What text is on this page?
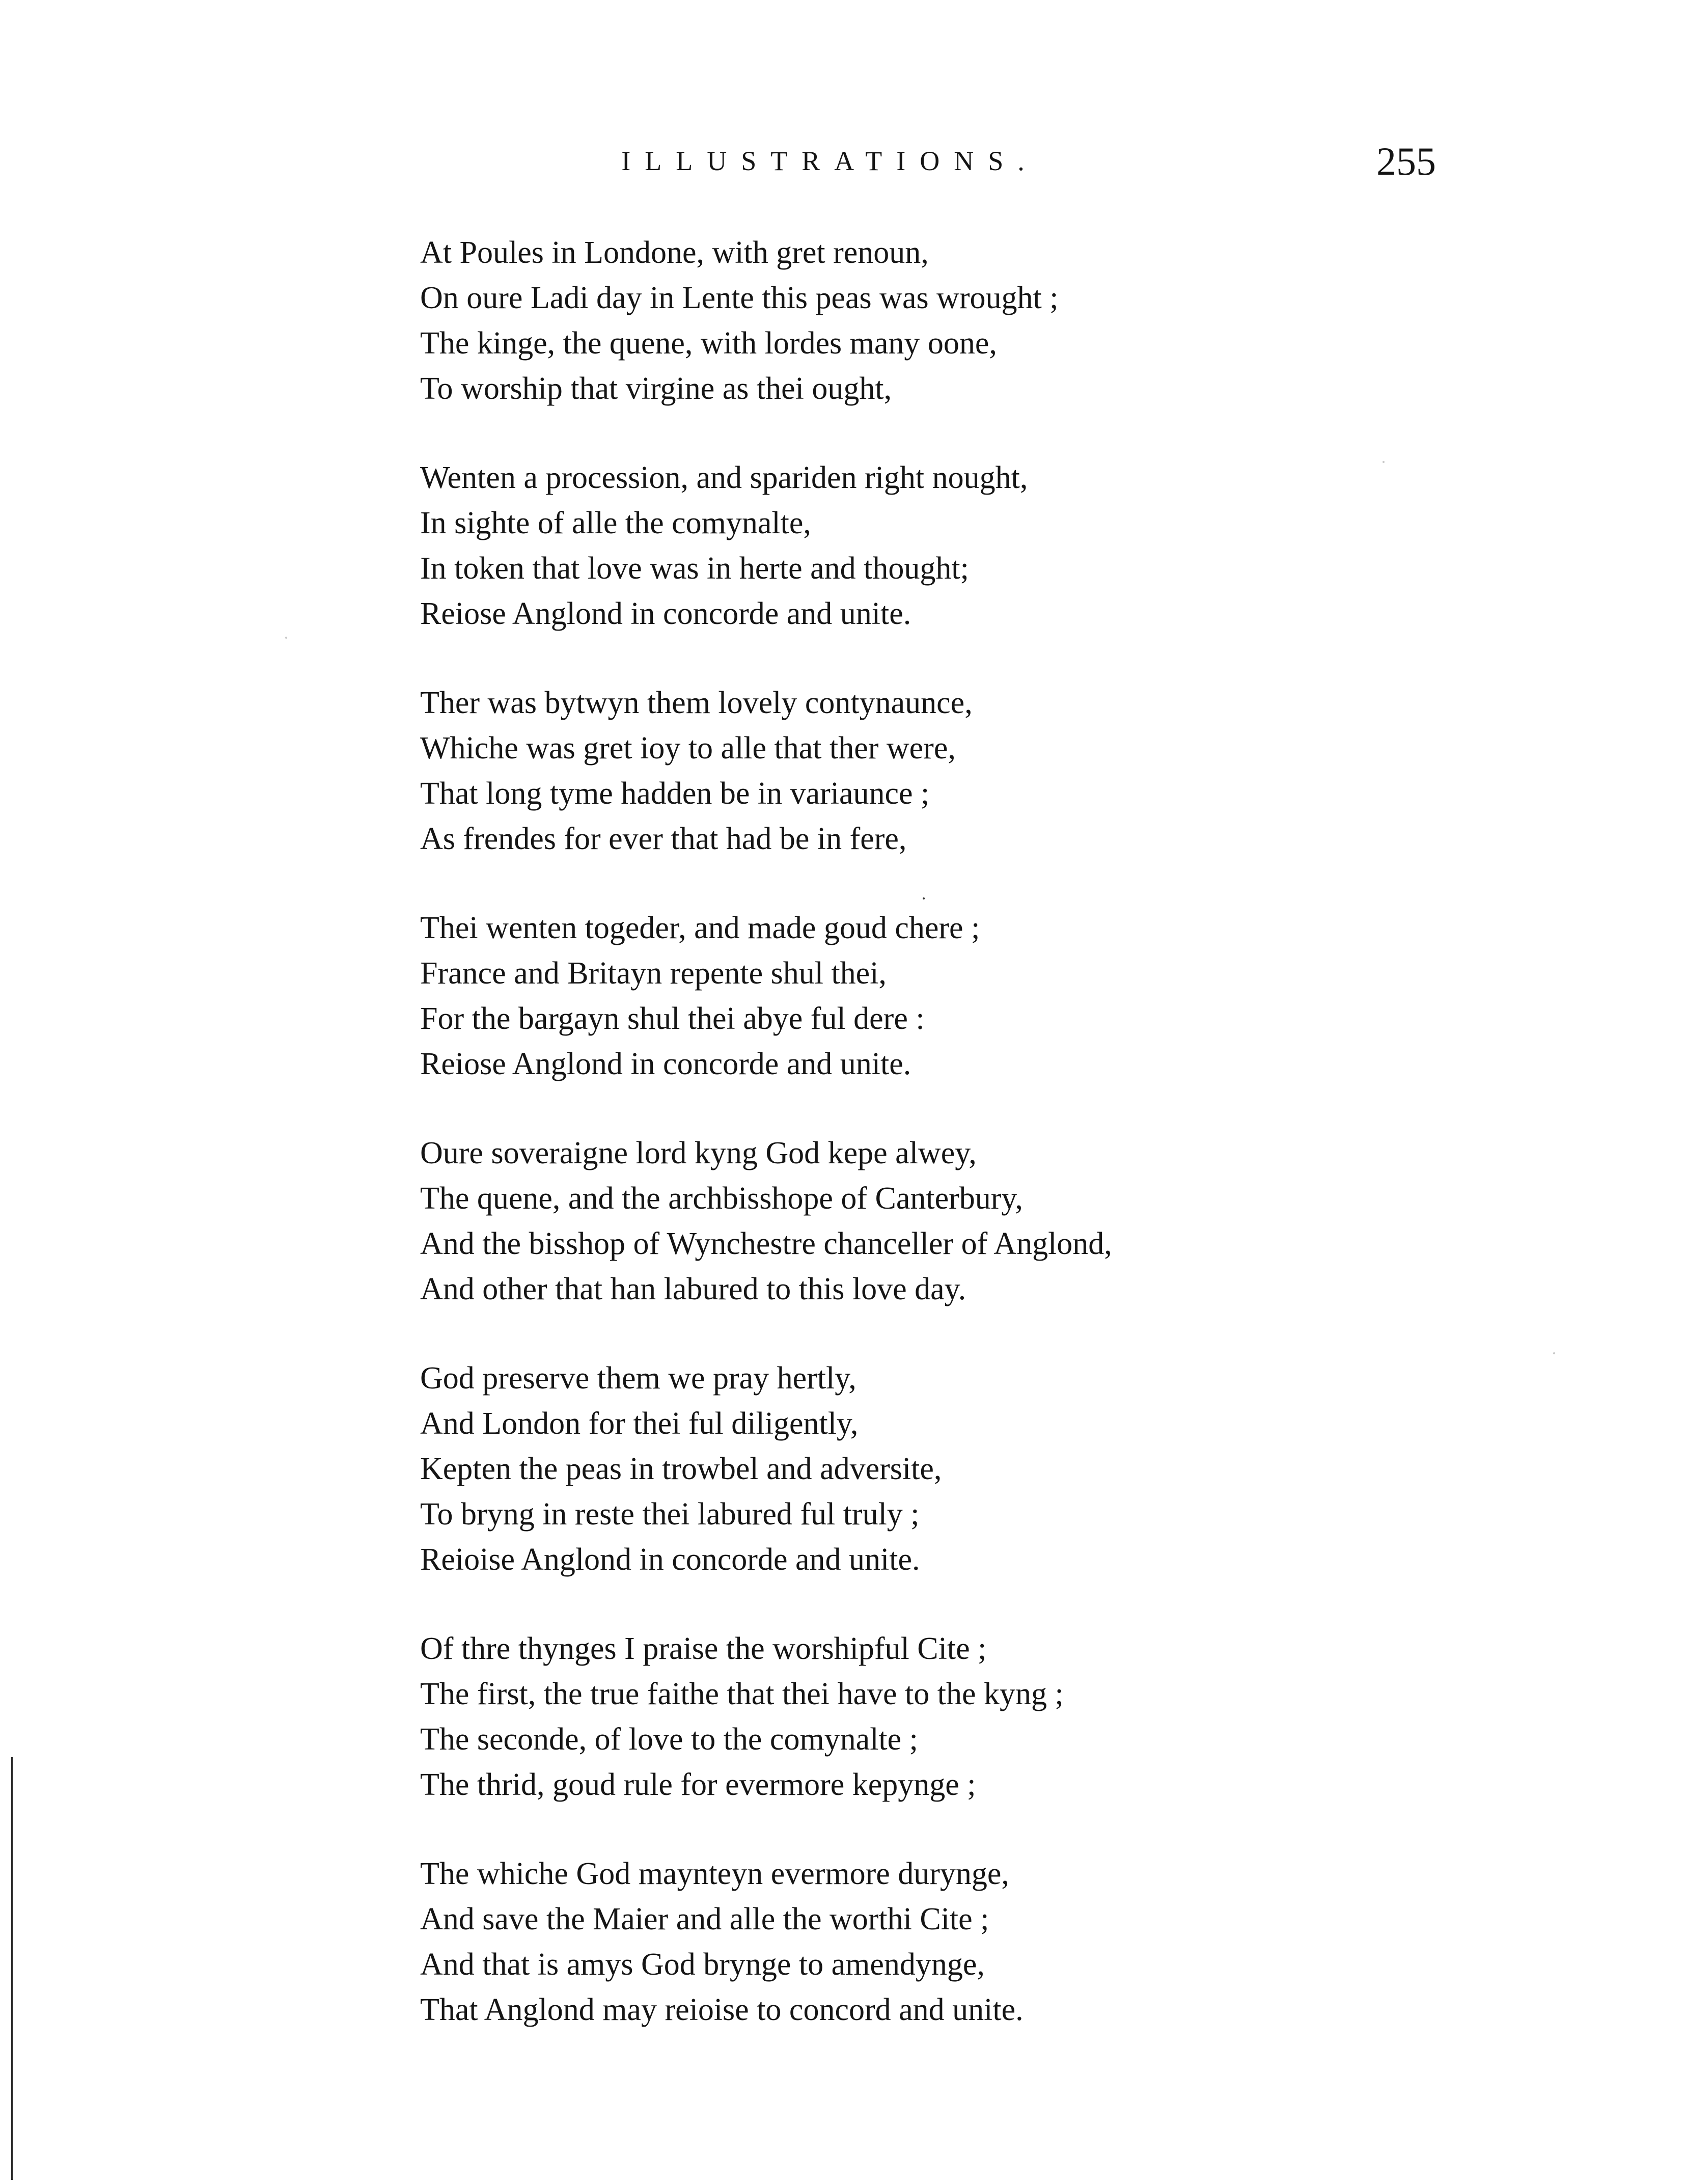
ILLUSTRATIONS.	255
At Poules in Londone, with gret renoun,
On oure Ladi day in Lente this peas was wrought ;
The kinge, the quene, with lordes many oone,
To worship that virgine as thei ought,
Wenten a procession, and spariden right nought,
In sighte of alle the comynalte,
In token that love was in herte and thought;
Reiose Anglond in concorde and unite.
Ther was bytwyn them lovely contynaunce,
Whiche was gret ioy to alle that ther were,
That long tyme hadden be in variaunce ;
As frendes for ever that had be in fere,
Thei wenten togeder, and made goud chere ;
France and Britayn repente shul thei,
For the bargayn shul thei abye ful dere :
Reiose Anglond in concorde and unite.
Oure soveraigne lord kyng God kepe alwey,
The quene, and the archbisshope of Canterbury,
And the bisshop of Wynchestre chanceller of Anglond,
And other that han labured to this love day.
God preserve them we pray hertly,
And London for thei ful diligently,
Kepten the peas in trowbel and adversite,
To bryng in reste thei labured ful truly ;
Reioise Anglond in concorde and unite.
Of thre thynges I praise the worshipful Cite ;
The first, the true faithe that thei have to the kyng ;
The seconde, of love to the comynalte ;
The thrid, goud rule for evermore kepynge ;
The whiche God maynteyn evermore durynge,
And save the Maier and alle the worthi Cite ;
And that is amys God brynge to amendynge,
That Anglond may reioise to concord and unite.
